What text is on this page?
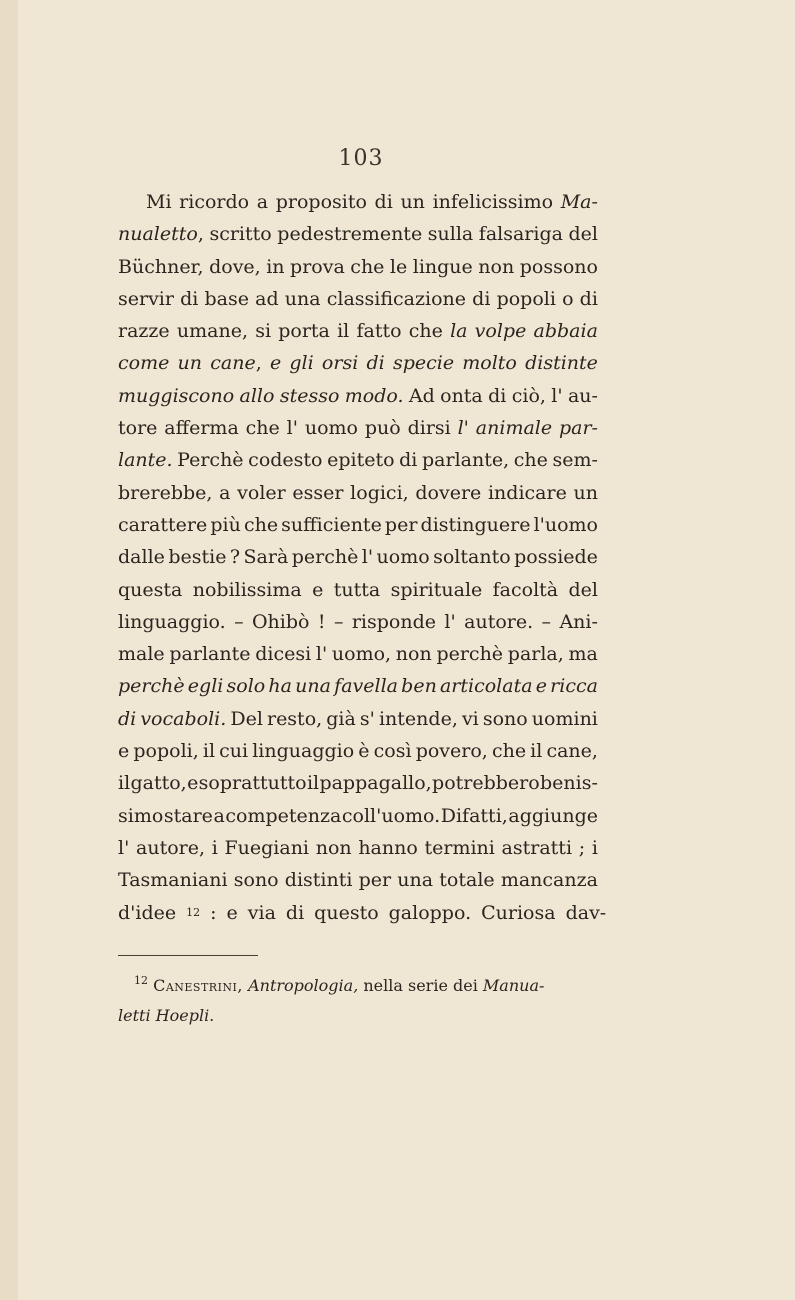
103
Mi ricordo a proposito di un infelicissimo Ma-
nualetto, scritto pedestremente sulla falsariga del
Büchner, dove, in prova che le lingue non possono
servir di base ad una classificazione di popoli o di
razze umane, si porta il fatto che la volpe abbaia
come un cane, e gli orsi di specie molto distinte
muggiscono allo stesso modo. Ad onta di ciò, l' au-
tore afferma che l' uomo può dirsi l' animale par-
lante. Perchè codesto epiteto di parlante, che sem-
brerebbe, a voler esser logici, dovere indicare un
carattere più che sufficiente per distinguere l'uomo
dalle bestie ? Sarà perchè l' uomo soltanto possiede
questa nobilissima e tutta spirituale facoltà del
linguaggio. – Ohibò ! – risponde l' autore. – Ani-
male parlante dicesi l' uomo, non perchè parla, ma
perchè egli solo ha una favella ben articolata e ricca
di vocaboli. Del resto, già s' intende, vi sono uomini
e popoli, il cui linguaggio è così povero, che il cane,
il gatto, e soprattutto il pappagallo, potrebbero benis-
simo stare a competenza coll'uomo. Difatti, aggiunge
l' autore, i Fuegiani non hanno termini astratti ; i
Tasmaniani sono distinti per una totale mancanza
d'idee $^{12}$ : e via di questo galoppo. Curiosa dav-
$^{12}$ Canestrini, Antropologia, nella serie dei Manua-
letti Hoepli.
